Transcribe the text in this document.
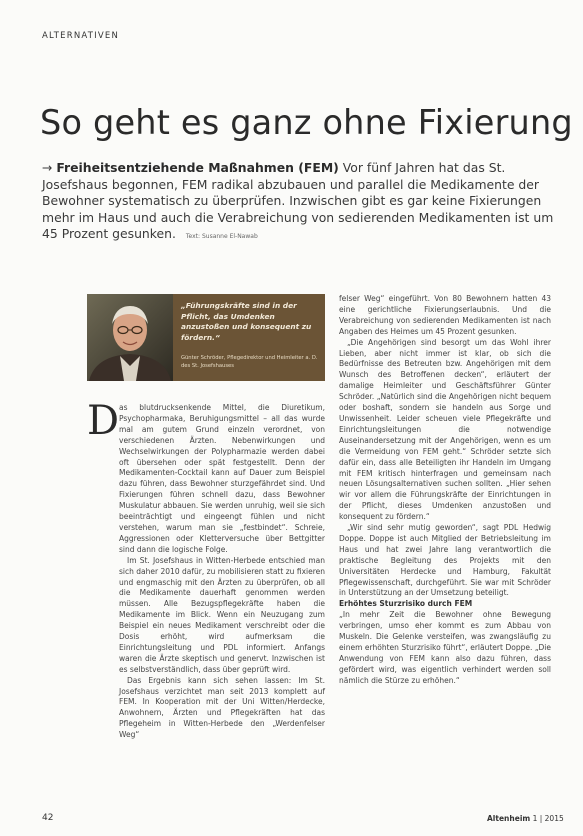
ALTERNATIVEN
So geht es ganz ohne Fixierung
→ Freiheitsentziehende Maßnahmen (FEM) Vor fünf Jahren hat das St. Josefshaus begonnen, FEM radikal abzubauen und parallel die Medikamente der Bewohner systematisch zu überprüfen. Inzwischen gibt es gar keine Fixierungen mehr im Haus und auch die Verabreichung von sedierenden Medikamenten ist um 45 Prozent gesunken. Text: Susanne El-Nawab
„Führungskräfte sind in der Pflicht, das Umdenken anzustoßen und konsequent zu fördern.“
Günter Schröder, Pflegedirektor und Heimleiter a. D. des St. Josefshauses
D as blutdrucksenkende Mittel, die Diuretikum, Psychopharmaka, Beruhigungsmittel – all das wurde mal am gutem Grund einzeln verordnet, von verschiedenen Ärzten. Nebenwirkungen und Wechselwirkungen der Polypharmazie werden dabei oft übersehen oder spät festgestellt. Denn der Medikamenten-Cocktail kann auf Dauer zum Beispiel dazu führen, dass Bewohner sturzgefährdet sind. Und Fixierungen führen schnell dazu, dass Bewohner Muskulatur abbauen. Sie werden unruhig, weil sie sich beeinträchtigt und eingeengt fühlen und nicht verstehen, warum man sie „festbindet“. Schreie, Aggressionen oder Kletterversuche über Bettgitter sind dann die logische Folge.

Im St. Josefshaus in Witten-Herbede entschied man sich daher 2010 dafür, zu mobilisieren statt zu fixieren und engmaschig mit den Ärzten zu überprüfen, ob all die Medikamente dauerhaft genommen werden müssen. Alle Bezugspflegekräfte haben die Medikamente im Blick. Wenn ein Neuzugang zum Beispiel ein neues Medikament verschreibt oder die Dosis erhöht, wird aufmerksam die Einrichtungsleitung und PDL informiert. Anfangs waren die Ärzte skeptisch und genervt. Inzwischen ist es selbstverständlich, dass über geprüft wird.

Das Ergebnis kann sich sehen lassen: Im St. Josefshaus verzichtet man seit 2013 komplett auf FEM. In Kooperation mit der Uni Witten/Herdecke, Anwohnern, Ärzten und Pflegekräften hat das Pflegeheim in Witten-Herbede den „Werdenfelser Weg“

felser Weg“ eingeführt. Von 80 Bewohnern hatten 43 eine gerichtliche Fixierungserlaubnis. Und die Verabreichung von sedierenden Medikamenten ist nach Angaben des Heimes um 45 Prozent gesunken.

„Die Angehörigen sind besorgt um das Wohl ihrer Lieben, aber nicht immer ist klar, ob sich die Bedürfnisse des Betreuten bzw. Angehörigen mit dem Wunsch des Betroffenen decken“, erläutert der damalige Heimleiter und Geschäftsführer Günter Schröder. „Natürlich sind die Angehörigen nicht bequem oder boshaft, sondern sie handeln aus Sorge und Unwissenheit. Leider scheuen viele Pflegekräfte und Einrichtungsleitungen die notwendige Auseinandersetzung mit der Angehörigen, wenn es um die Vermeidung von FEM geht.“ Schröder setzte sich dafür ein, dass alle Beteiligten ihr Handeln im Umgang mit FEM kritisch hinterfragen und gemeinsam nach neuen Lösungsalternativen suchen sollten. „Hier sehen wir vor allem die Führungskräfte der Einrichtungen in der Pflicht, dieses Umdenken anzustoßen und konsequent zu fördern.“

„Wir sind sehr mutig geworden“, sagt PDL Hedwig Doppe. Doppe ist auch Mitglied der Betriebsleitung im Haus und hat zwei Jahre lang verantwortlich die praktische Begleitung des Projekts mit den Universitäten Herdecke und Hamburg, Fakultät Pflegewissenschaft, durchgeführt. Sie war mit Schröder in Unterstützung an der Umsetzung beteiligt.

Erhöhtes Sturzrisiko durch FEM

„In mehr Zeit die Bewohner ohne Bewegung verbringen, umso eher kommt es zum Abbau von Muskeln. Die Gelenke versteifen, was zwangsläufig zu einem erhöhten Sturzrisiko führt“, erläutert Doppe. „Die Anwendung von FEM kann also dazu führen, dass gefördert wird, was eigentlich verhindert werden soll nämlich die Stürze zu erhöhen.“

42	Altenheim 1 | 2015
